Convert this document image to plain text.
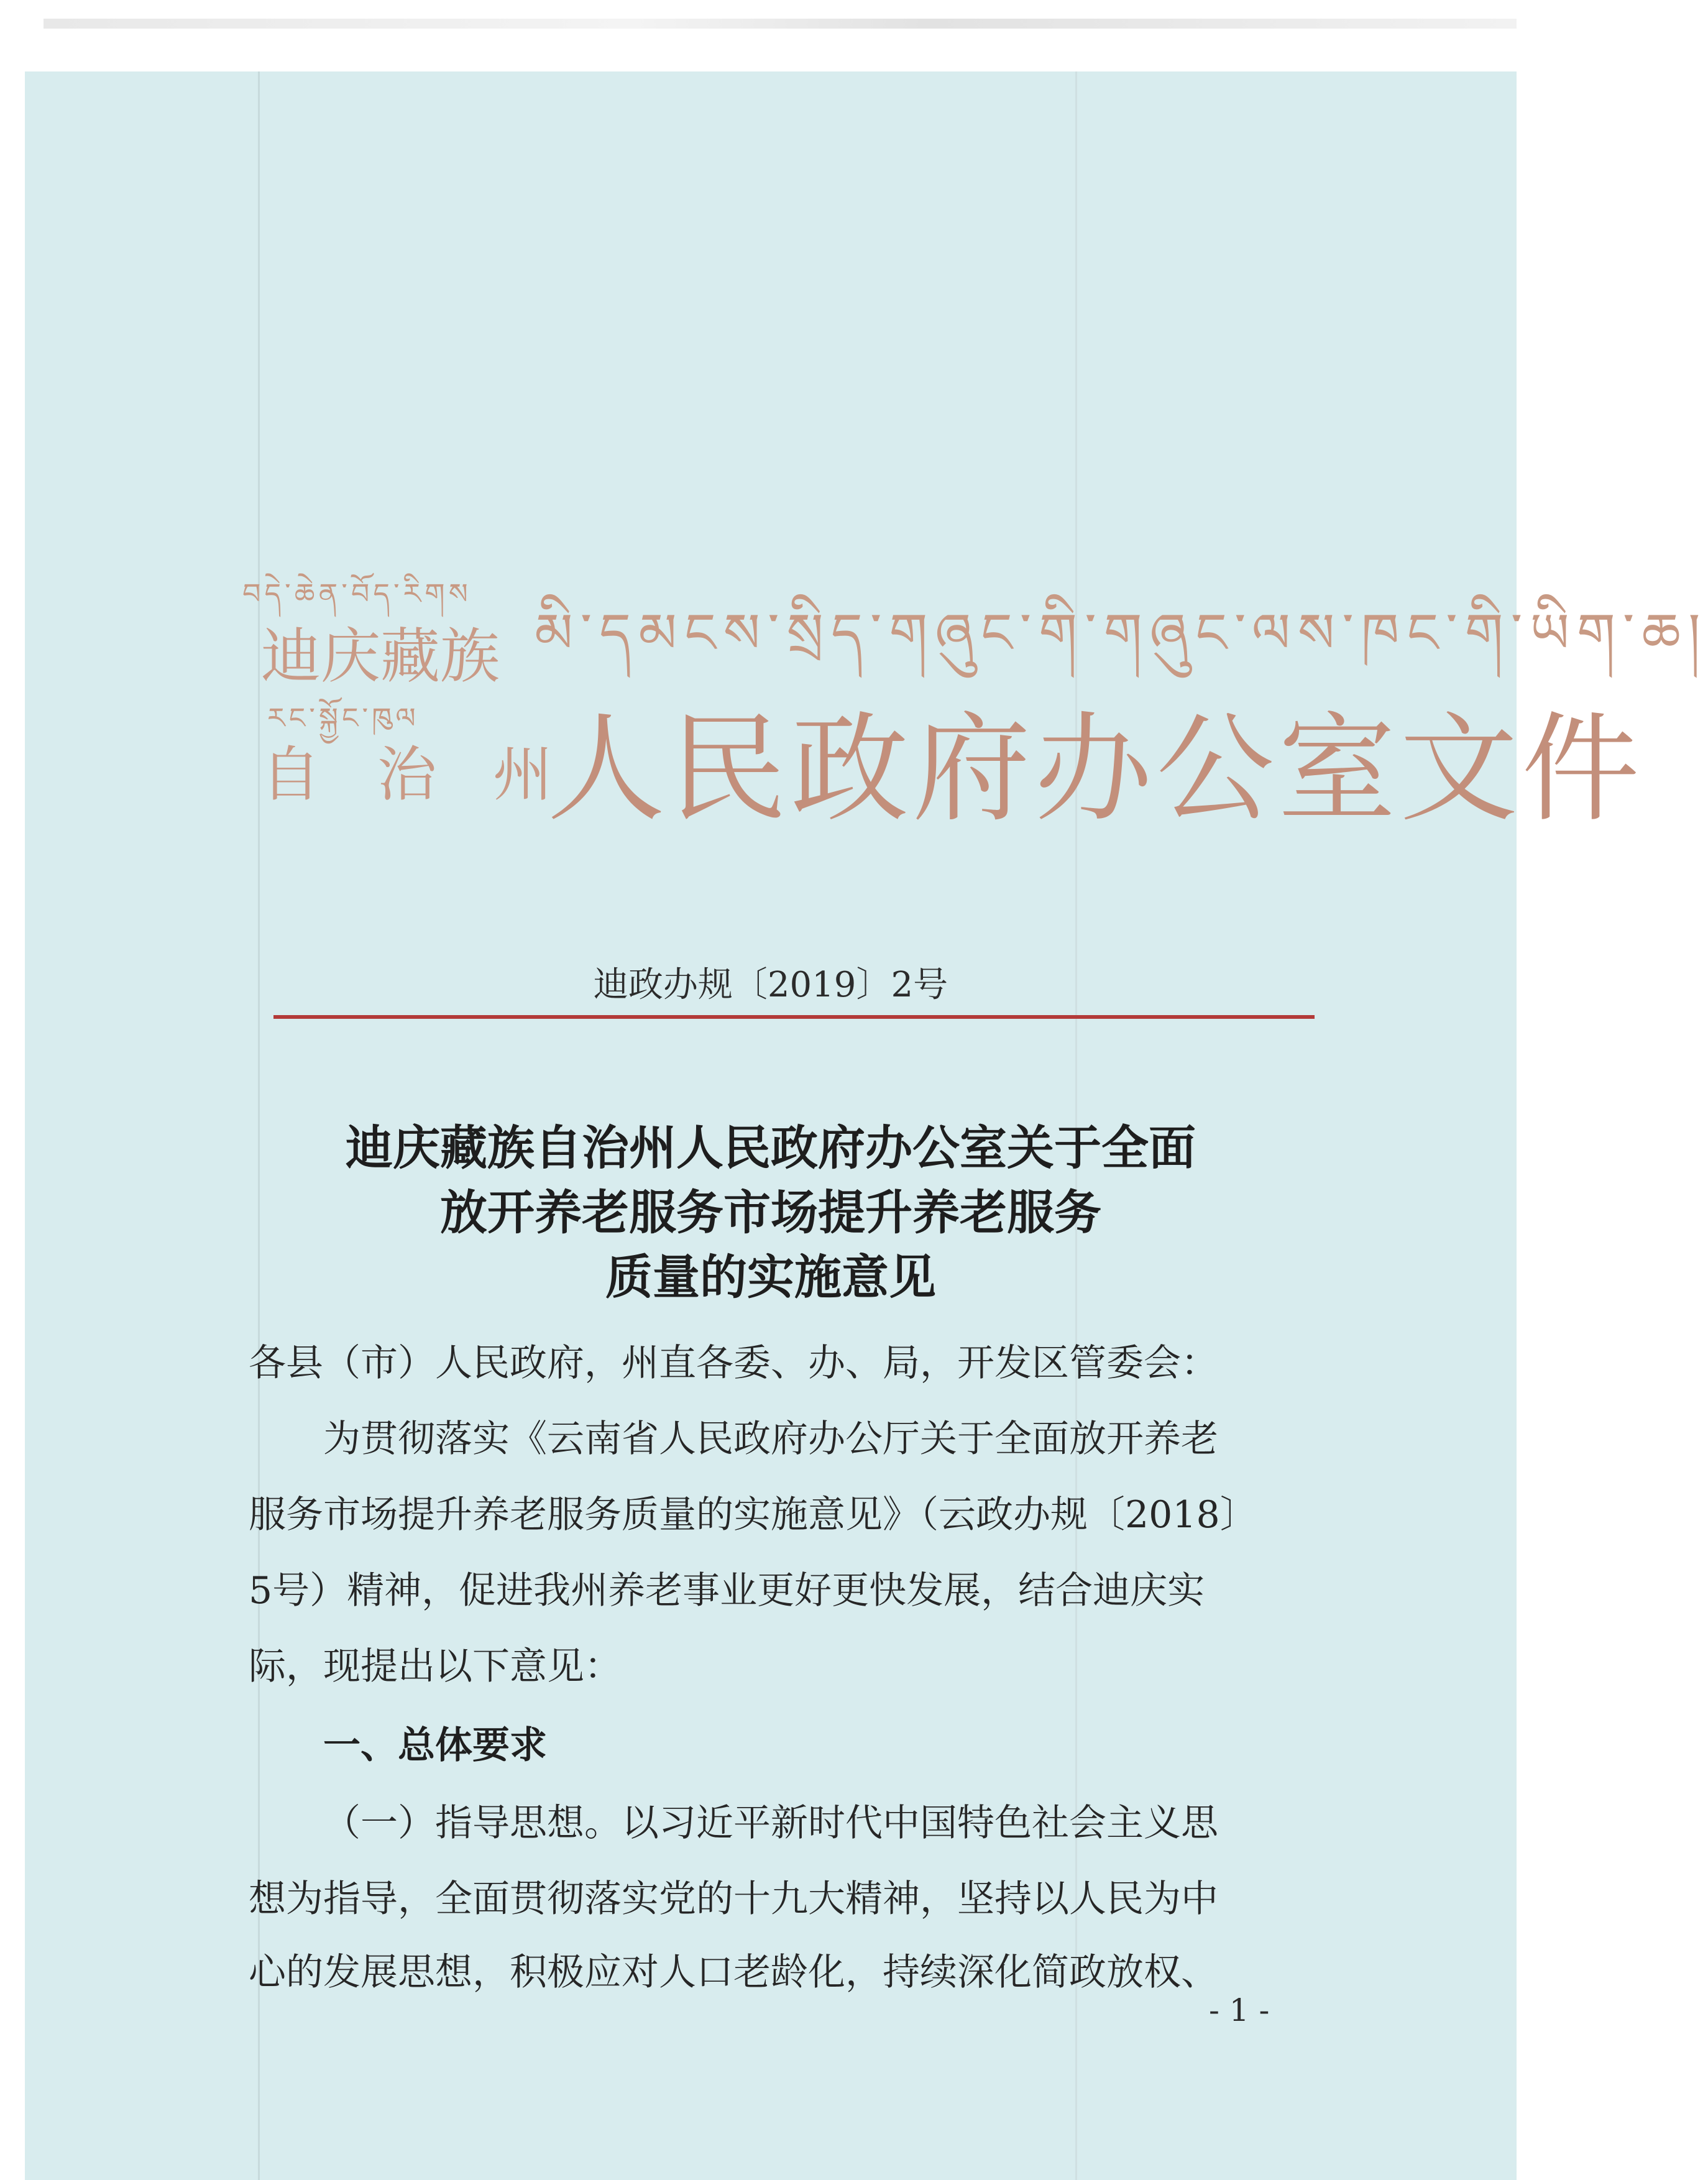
བདེ་ཆེན་བོད་རིགས
迪庆藏族
རང་སྐྱོང་ཁུལ
自 治 州
མི་དམངས་སྲིད་གཞུང་གི་གཞུང་ལས་ཁང་གི་ཡིག་ཆ།
人民政府办公室文件
迪政办规〔2019〕2号
迪庆藏族自治州人民政府办公室关于全面
放开养老服务市场提升养老服务
质量的实施意见
各县（市）人民政府，州直各委、办、局，开发区管委会：
为贯彻落实《云南省人民政府办公厅关于全面放开养老
服务市场提升养老服务质量的实施意见》（云政办规〔2018〕
5号）精神，促进我州养老事业更好更快发展，结合迪庆实
际，现提出以下意见：
一、总体要求
（一）指导思想。以习近平新时代中国特色社会主义思
想为指导，全面贯彻落实党的十九大精神，坚持以人民为中
心的发展思想，积极应对人口老龄化，持续深化简政放权、
- 1 -
